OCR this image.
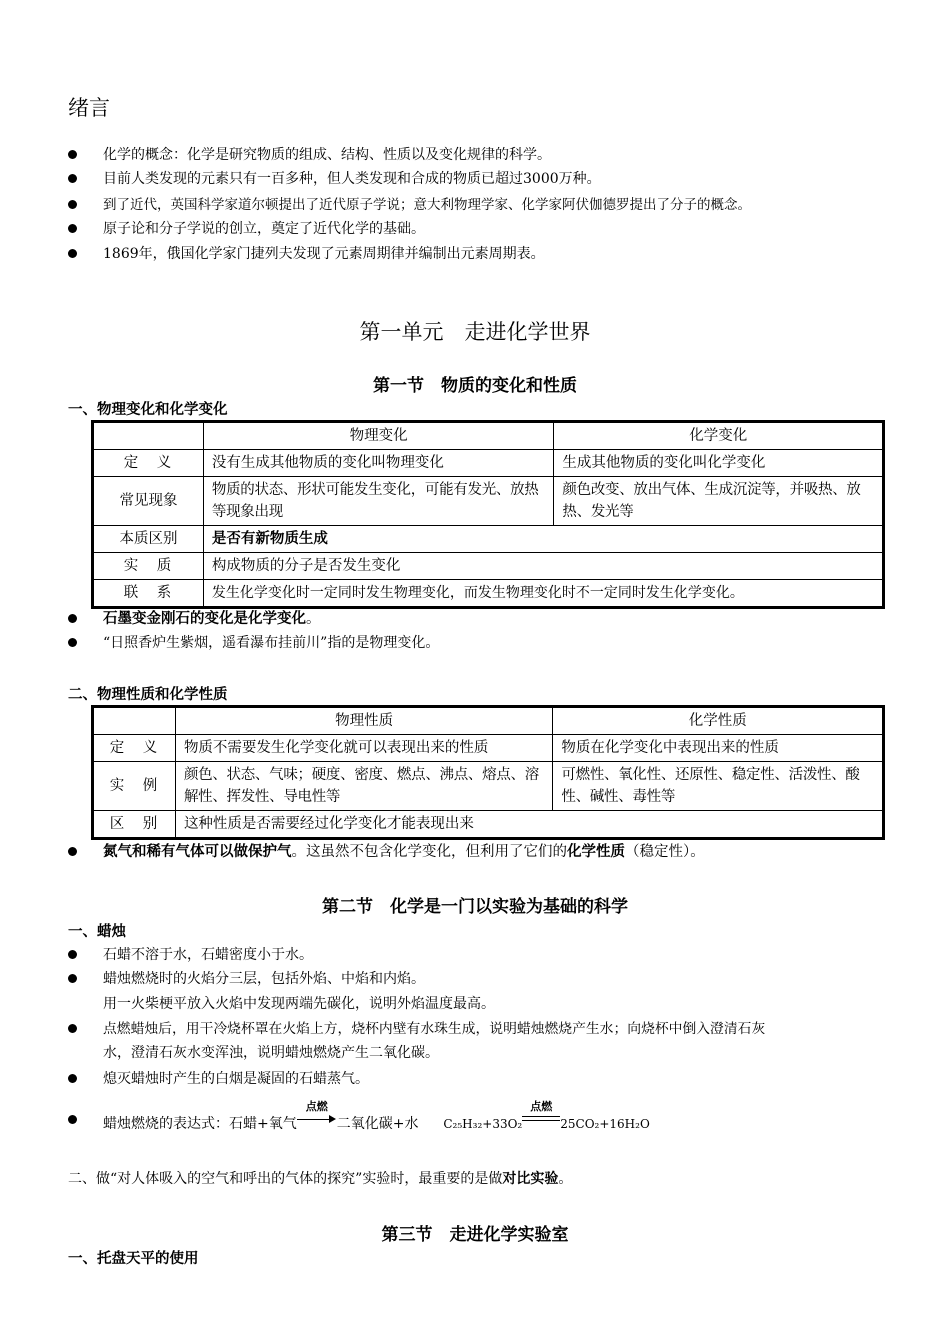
绪言
化学的概念：化学是研究物质的组成、结构、性质以及变化规律的科学。
目前人类发现的元素只有一百多种，但人类发现和合成的物质已超过3000万种。
到了近代，英国科学家道尔顿提出了近代原子学说；意大利物理学家、化学家阿伏伽德罗提出了分子的概念。
原子论和分子学说的创立，奠定了近代化学的基础。
1869年，俄国化学家门捷列夫发现了元素周期律并编制出元素周期表。
第一单元　走进化学世界
第一节　物质的变化和性质
一、物理变化和化学变化
	物理变化	化学变化
定　义	没有生成其他物质的变化叫物理变化	生成其他物质的变化叫化学变化
常见现象	物质的状态、形状可能发生变化，可能有发光、放热等现象出现	颜色改变、放出气体、生成沉淀等，并吸热、放热、发光等
本质区别	是否有新物质生成	
实　质	构成物质的分子是否发生变化	
联　系	发生化学变化时一定同时发生物理变化，而发生物理变化时不一定同时发生化学变化。	
石墨变金刚石的变化是化学变化。
“日照香炉生紫烟，遥看瀑布挂前川”指的是物理变化。
二、物理性质和化学性质
	物理性质	化学性质
定　义	物质不需要发生化学变化就可以表现出来的性质	物质在化学变化中表现出来的性质
实　例	颜色、状态、气味；硬度、密度、燃点、沸点、熔点、溶解性、挥发性、导电性等	可燃性、氧化性、还原性、稳定性、活泼性、酸性、碱性、毒性等
区　别	这种性质是否需要经过化学变化才能表现出来	
氮气和稀有气体可以做保护气。这虽然不包含化学变化，但利用了它们的化学性质（稳定性）。
第二节　化学是一门以实验为基础的科学
一、蜡烛
石蜡不溶于水，石蜡密度小于水。
蜡烛燃烧时的火焰分三层，包括外焰、中焰和内焰。
用一火柴梗平放入火焰中发现两端先碳化，说明外焰温度最高。
点燃蜡烛后，用干冷烧杯罩在火焰上方，烧杯内壁有水珠生成，说明蜡烛燃烧产生水；向烧杯中倒入澄清石灰
水，澄清石灰水变浑浊，说明蜡烛燃烧产生二氧化碳。
熄灭蜡烛时产生的白烟是凝固的石蜡蒸气。
蜡烛燃烧的表达式：石蜡+氧气
点燃
二氧化碳+水 C₂₅H₃₂+33O₂
点燃
25CO₂+16H₂O
二、做“对人体吸入的空气和呼出的气体的探究”实验时，最重要的是做对比实验。
第三节　走进化学实验室
一、托盘天平的使用
